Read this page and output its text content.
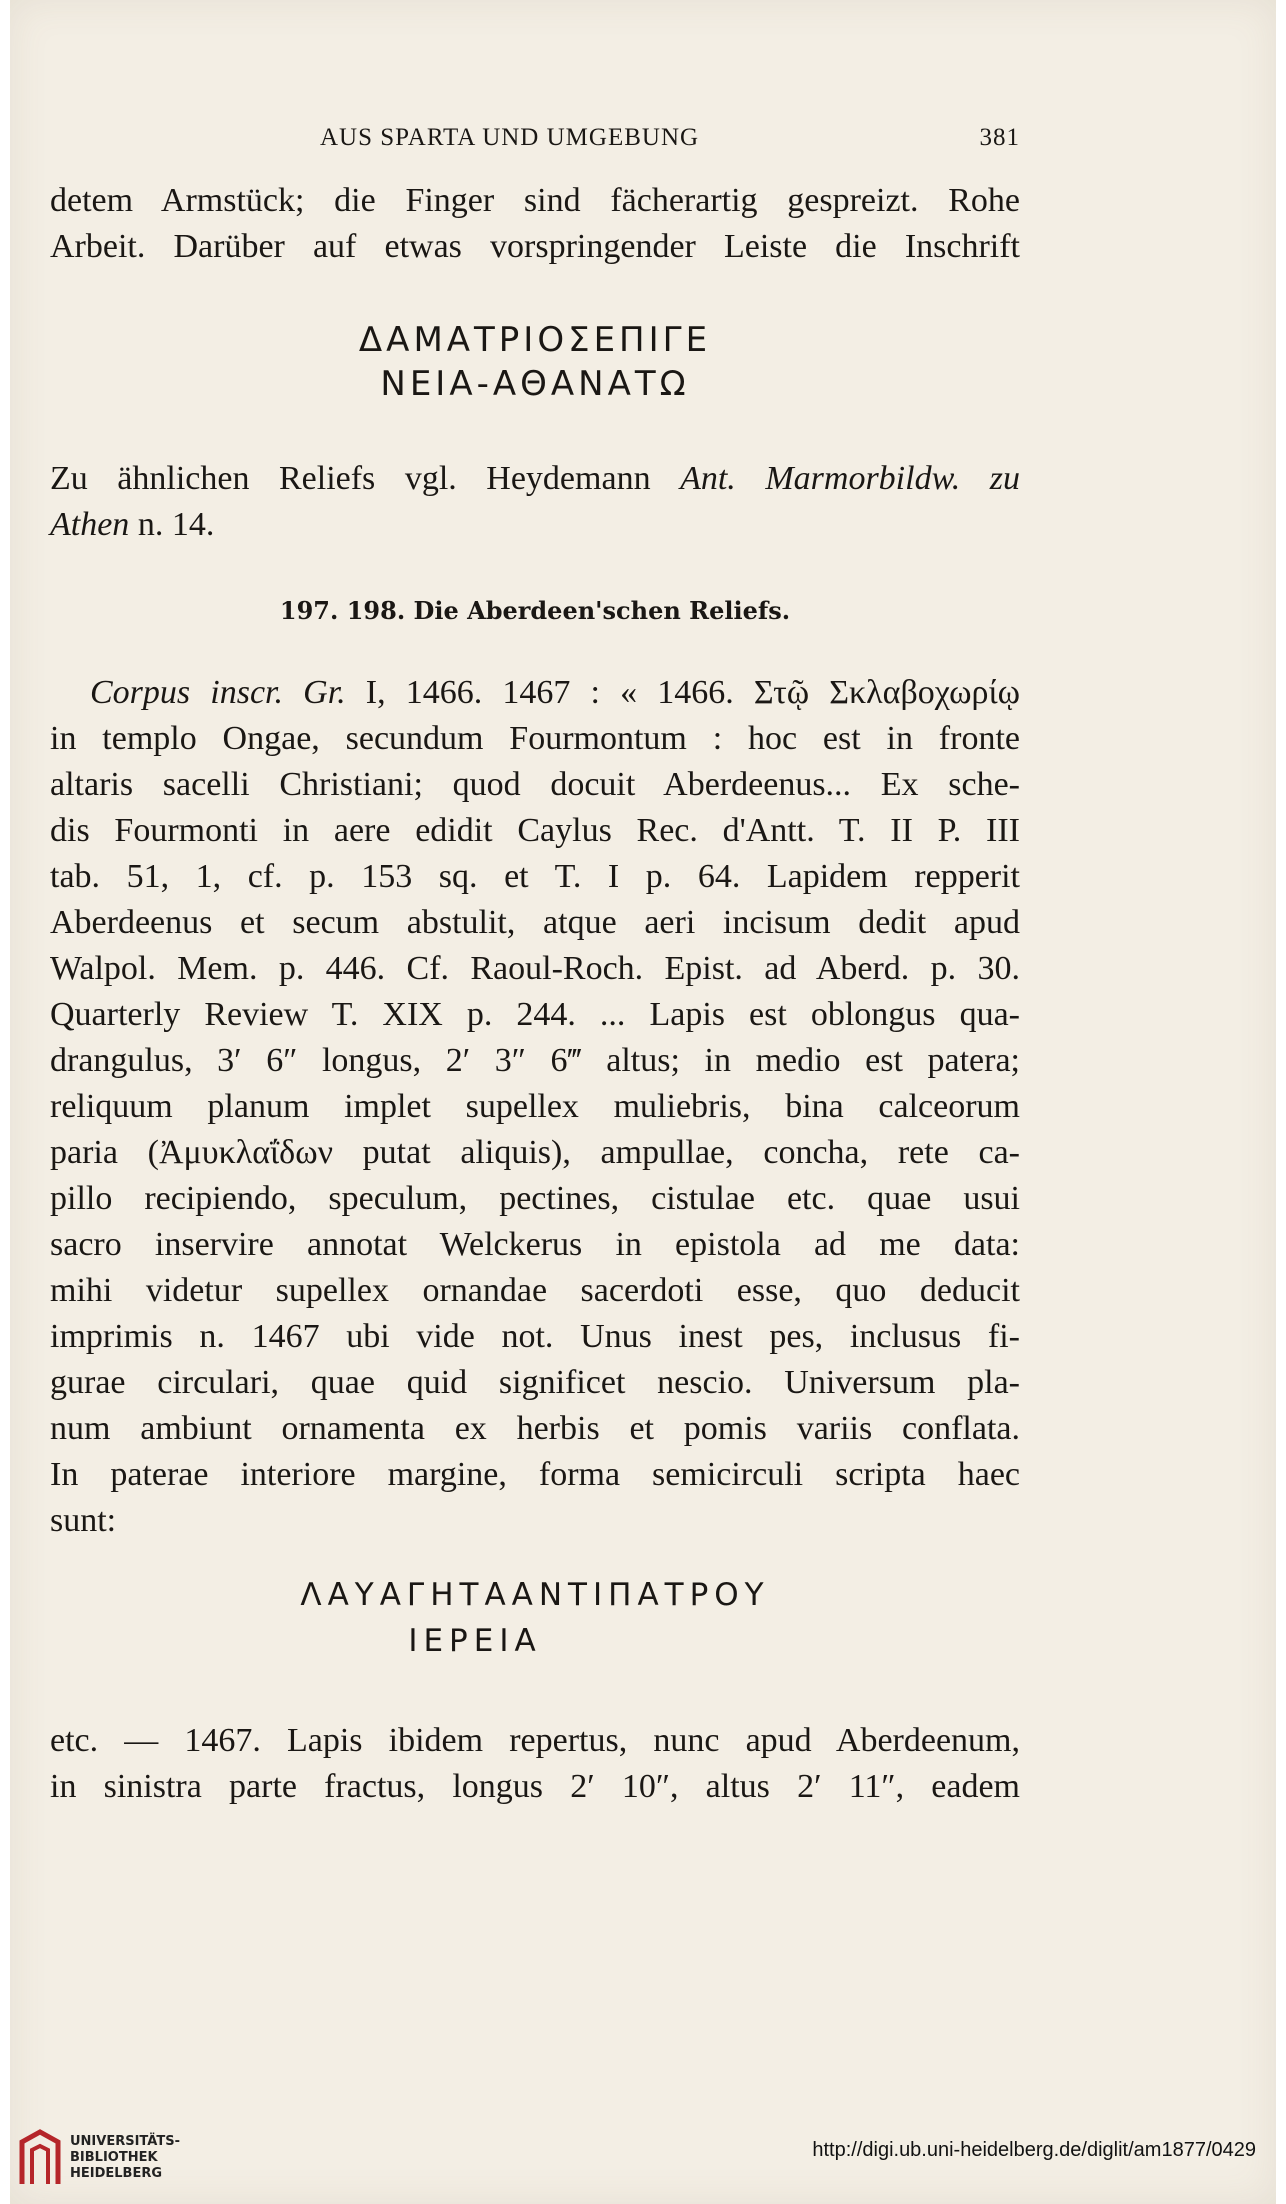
AUS SPARTA UND UMGEBUNG	381
detem Armstück; die Finger sind fächerartig gespreizt. Rohe
Arbeit. Darüber auf etwas vorspringender Leiste die Inschrift
ΔΑΜΑΤΡΙΟΣΕΠΙΓΕ
ΝΕΙΑ-ΑΘΑΝΑΤΩ
Zu ähnlichen Reliefs vgl. Heydemann Ant. Marmorbildw. zu
Athen n. 14.
197. 198. Die Aberdeen'schen Reliefs.
Corpus inscr. Gr. I, 1466. 1467 : « 1466. Στῷ Σκλαβοχωρίῳ
in templo Ongae, secundum Fourmontum : hoc est in fronte
altaris sacelli Christiani; quod docuit Aberdeenus... Ex sche-
dis Fourmonti in aere edidit Caylus Rec. d'Antt. T. II P. III
tab. 51, 1, cf. p. 153 sq. et T. I p. 64. Lapidem repperit
Aberdeenus et secum abstulit, atque aeri incisum dedit apud
Walpol. Mem. p. 446. Cf. Raoul-Roch. Epist. ad Aberd. p. 30.
Quarterly Review T. XIX p. 244. ... Lapis est oblongus qua-
drangulus, 3′ 6″ longus, 2′ 3″ 6‴ altus; in medio est patera;
reliquum planum implet supellex muliebris, bina calceorum
paria (Ἀμυκλαΐδων putat aliquis), ampullae, concha, rete ca-
pillo recipiendo, speculum, pectines, cistulae etc. quae usui
sacro inservire annotat Welckerus in epistola ad me data:
mihi videtur supellex ornandae sacerdoti esse, quo deducit
imprimis n. 1467 ubi vide not. Unus inest pes, inclusus fi-
gurae circulari, quae quid significet nescio. Universum pla-
num ambiunt ornamenta ex herbis et pomis variis conflata.
In paterae interiore margine, forma semicirculi scripta haec
sunt:
ΛΑΥΑΓΗΤΑΑΝΤΙΠΑΤΡΟΥ
ΙΕΡΕΙΑ
etc. — 1467. Lapis ibidem repertus, nunc apud Aberdeenum,
in sinistra parte fractus, longus 2′ 10″, altus 2′ 11″, eadem
UNIVERSITÄTS-
BIBLIOTHEK
HEIDELBERG
http://digi.ub.uni-heidelberg.de/diglit/am1877/0429
